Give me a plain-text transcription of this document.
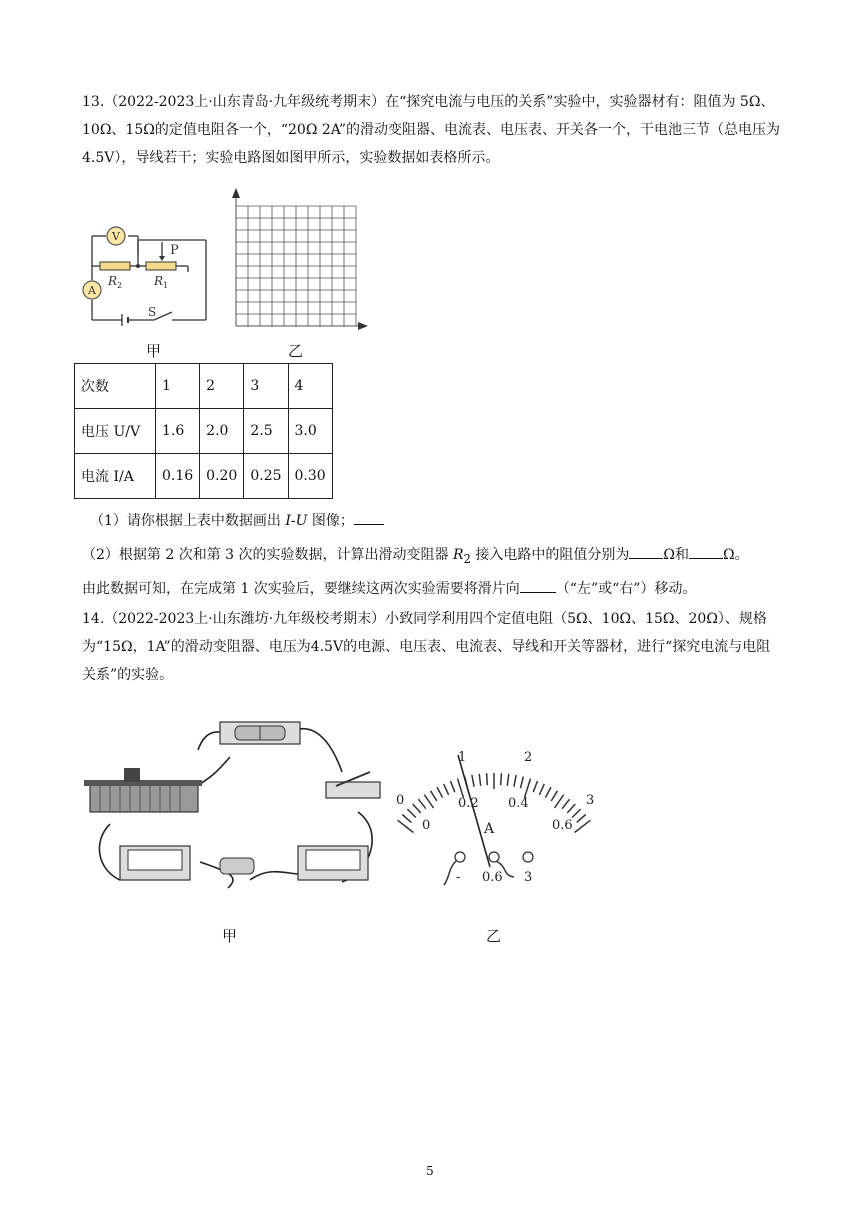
13.（2022-2023上·山东青岛·九年级统考期末）在“探究电流与电压的关系”实验中，实验器材有：阻值为 5Ω、10Ω、15Ω的定值电阻各一个，“20Ω 2A”的滑动变阻器、电流表、电压表、开关各一个，干电池三节（总电压为 4.5V），导线若干；实验电路图如图甲所示，实验数据如表格所示。
V
A
P
S
R 2	R 1
甲	乙
次数	1	2	3	4
电压 U/V	1.6	2.0	2.5	3.0
电流 I/A	0.16	0.20	0.25	0.30
（1）请你根据上表中数据画出 I-U 图像；
（2）根据第 2 次和第 3 次的实验数据，计算出滑动变阻器 $R_2$ 接入电路中的阻值分别为 Ω和 Ω。
由此数据可知，在完成第 1 次实验后，要继续这两次实验需要将滑片向	（“左”或“右”）移动。
14.（2022-2023上·山东潍坊·九年级校考期末）小致同学利用四个定值电阻（5Ω、10Ω、15Ω、20Ω）、规格为“15Ω，1A”的滑动变阻器、电压为4.5V的电源、电压表、电流表、导线和开关等器材，进行“探究电流与电阻关系”的实验。
甲
0
1	2
3
0
0.2 0.4
0.6
A
- 0.6 3
乙
5
